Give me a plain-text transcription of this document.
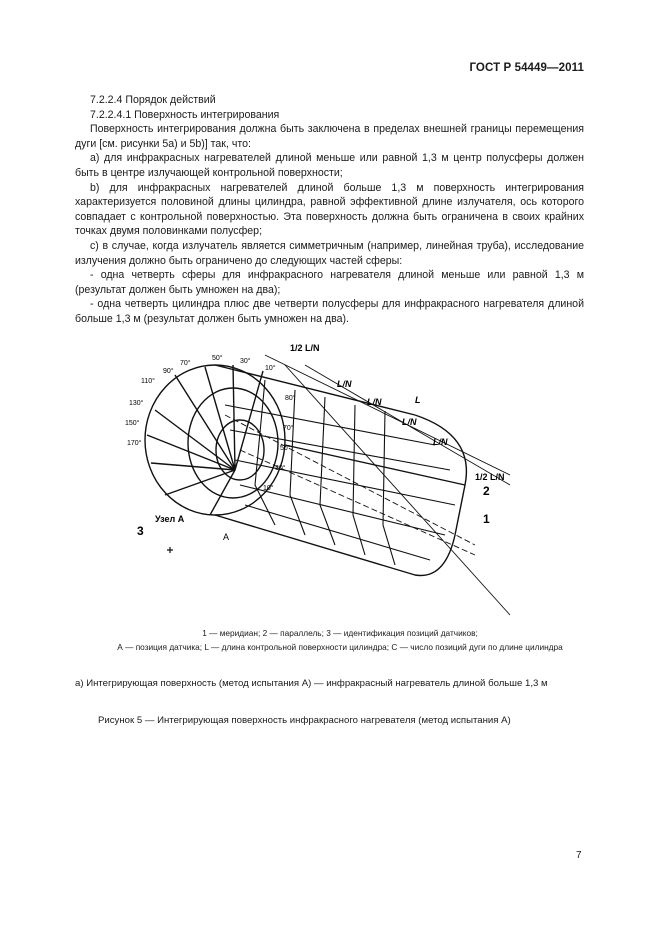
ГОСТ Р 54449—2011

7.2.2.4 Порядок действий

7.2.2.4.1 Поверхность интегрирования

Поверхность интегрирования должна быть заключена в пределах внешней границы перемещения дуги [см. рисунки 5а) и 5b)] так, что:

а) для инфракрасных нагревателей длиной меньше или равной 1,3 м центр полусферы должен быть в центре излучающей контрольной поверхности;

b) для инфракрасных нагревателей длиной больше 1,3 м поверхность интегрирования характеризуется половиной длины цилиндра, равной эффективной длине излучателя, ось которого совпадает с контрольной поверхностью. Эта поверхность должна быть ограничена в своих крайних точках двумя половинками полусфер;

c) в случае, когда излучатель является симметричным (например, линейная труба), исследование излучения должно быть ограничено до следующих частей сферы:

- одна четверть сферы для инфракрасного нагревателя длиной меньше или равной 1,3 м (результат должен быть умножен на два);

- одна четверть цилиндра плюс две четверти полусферы для инфракрасного нагревателя длиной больше 1,3 м (результат должен быть умножен на два).

1/2 L/N
L/N
L/N	L
L/N
L/N
1/2 L/N
2
1
3
Узел А
А
70°
50° 30°
90°	10°
110°
130°
150°
170°
80°
70°
50°
30°
10°
1 — меридиан; 2 — параллель; 3 — идентификация позиций датчиков;
А — позиция датчика; L — длина контрольной поверхности цилиндра; С — число позиций дуги по длине цилиндра
а) Интегрирующая поверхность (метод испытания А) — инфракрасный нагреватель длиной больше 1,3 м
Рисунок 5 — Интегрирующая поверхность инфракрасного нагревателя (метод испытания А)
7
